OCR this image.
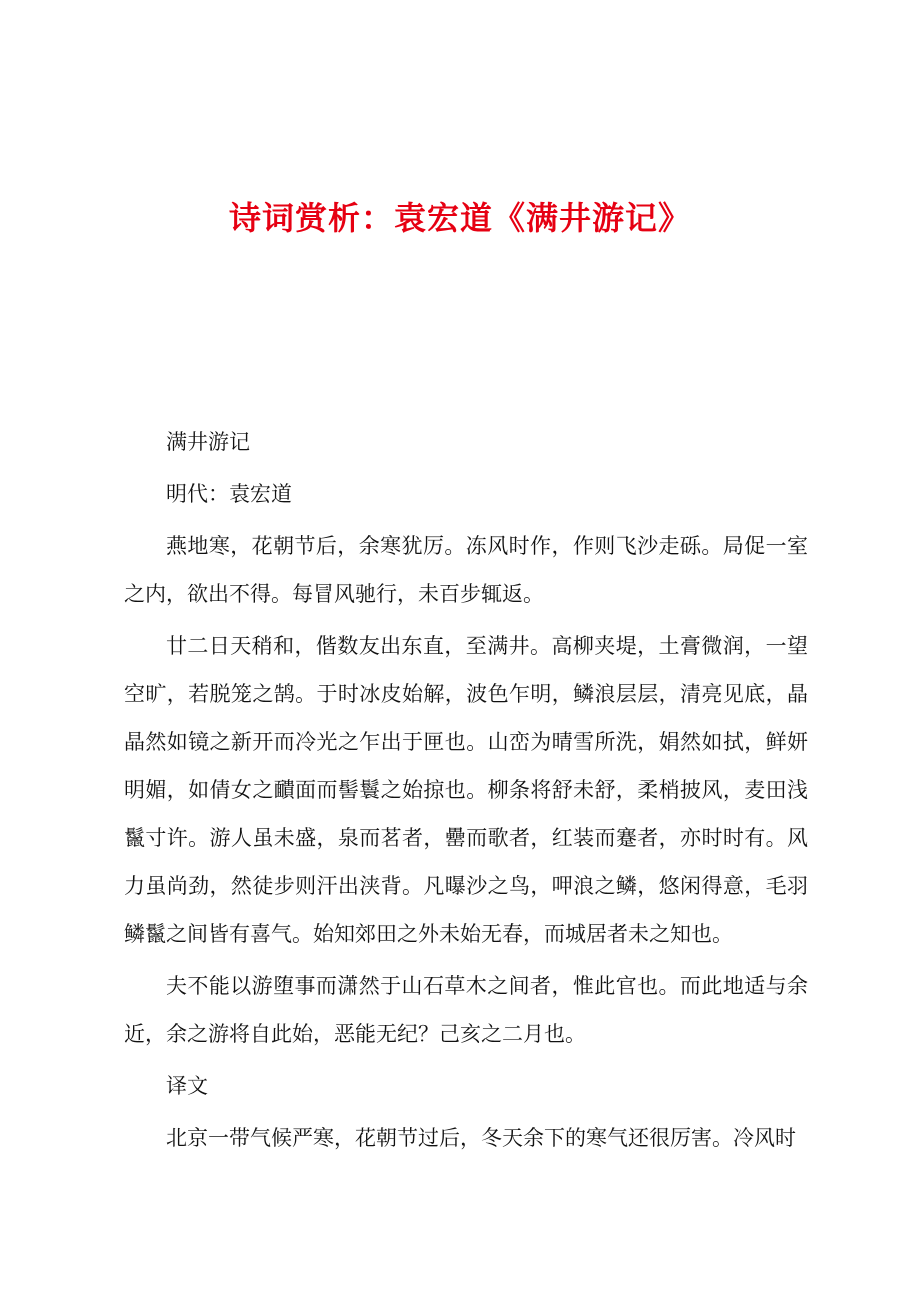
诗词赏析：袁宏道《满井游记》

满井游记

明代：袁宏道

燕地寒，花朝节后，余寒犹厉。冻风时作，作则飞沙走砾。局促一室之内，欲出不得。每冒风驰行，未百步辄返。

廿二日天稍和，偕数友出东直，至满井。高柳夹堤，土膏微润，一望空旷，若脱笼之鹄。于时冰皮始解，波色乍明，鳞浪层层，清亮见底，晶晶然如镜之新开而冷光之乍出于匣也。山峦为晴雪所洗，娟然如拭，鲜妍明媚，如倩女之靧面而髻鬟之始掠也。柳条将舒未舒，柔梢披风，麦田浅鬣寸许。游人虽未盛，泉而茗者，罍而歌者，红装而蹇者，亦时时有。风力虽尚劲，然徒步则汗出浃背。凡曝沙之鸟，呷浪之鳞，悠闲得意，毛羽鳞鬣之间皆有喜气。始知郊田之外未始无春，而城居者未之知也。

夫不能以游堕事而潇然于山石草木之间者，惟此官也。而此地适与余近，余之游将自此始，恶能无纪？己亥之二月也。

译文

北京一带气候严寒，花朝节过后，冬天余下的寒气还很厉害。冷风时
